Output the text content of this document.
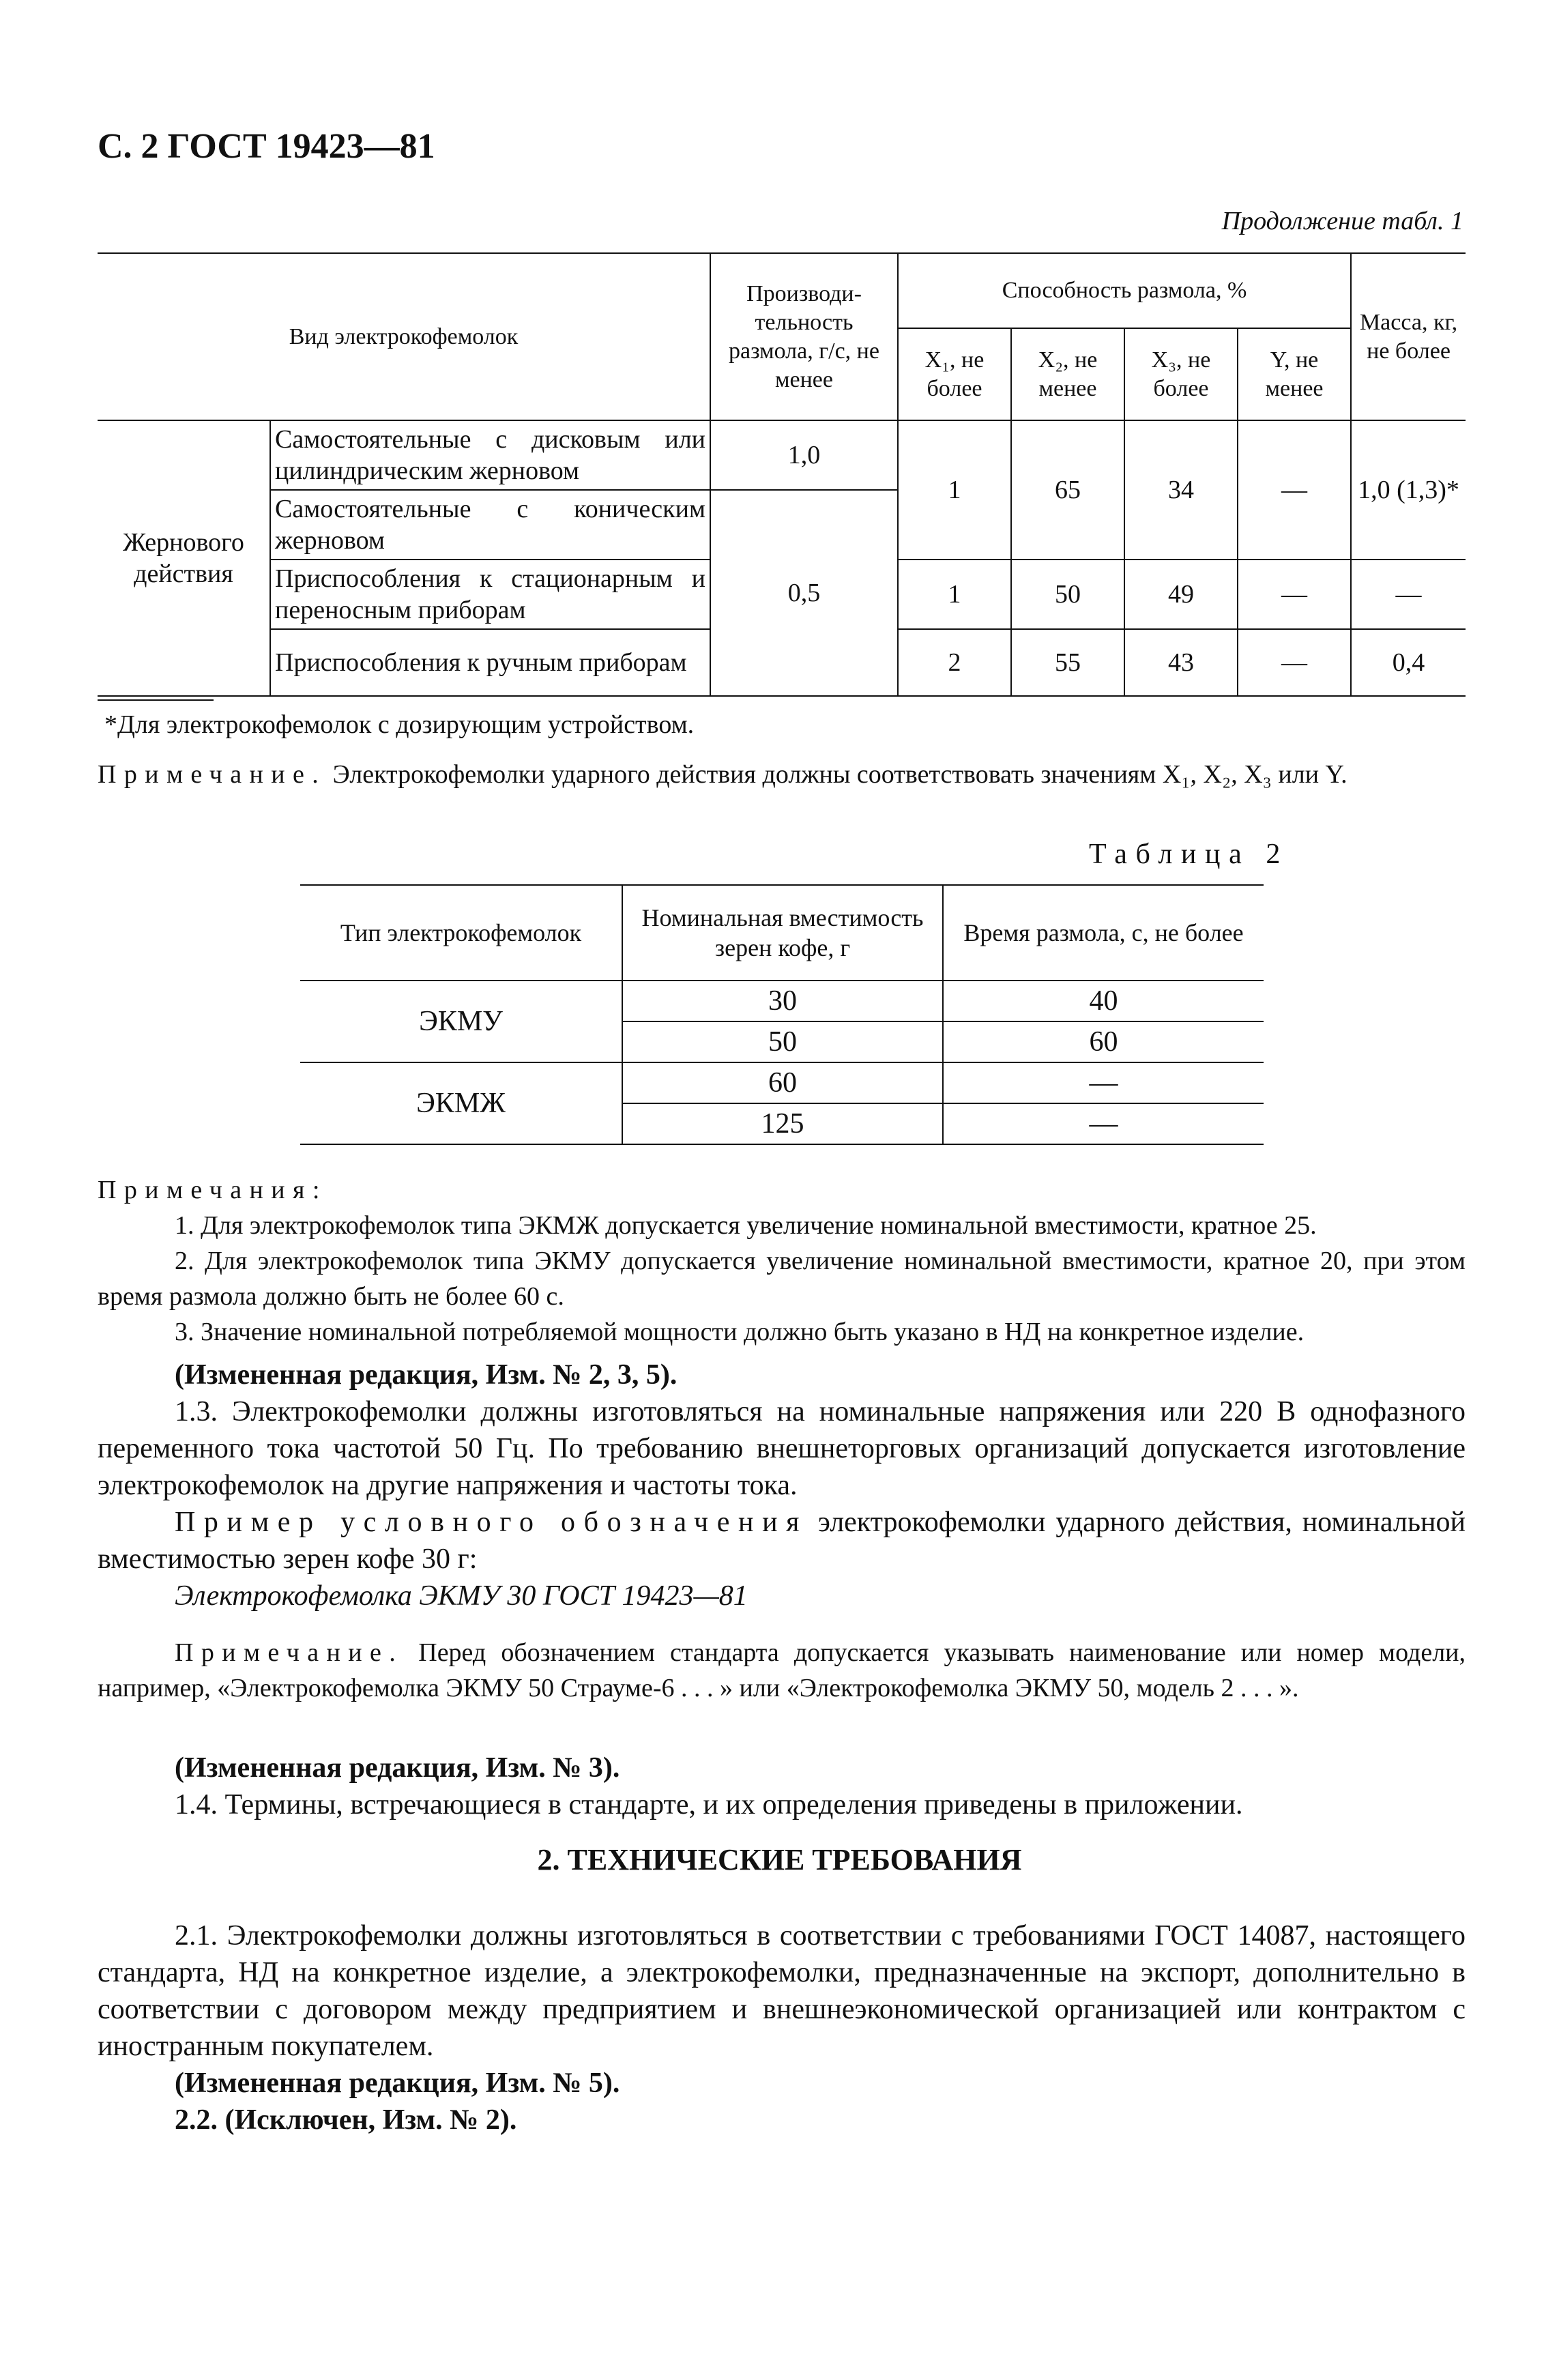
С. 2 ГОСТ 19423—81
Продолжение табл. 1
Вид электрокофемолок		Производи-тельность размола, г/с, не менее	Способность размола, %				Масса, кг, не более
			X₁, не более	X₂, не менее	X₃, не более	Y, не менее	
Жернового действия	Самостоятельные с дисковым или цилиндрическим жерновом	1,0	1	65	34	—	1,0 (1,3)*
	Самостоятельные с коническим жерновом	0,5					
	Приспособления к стационарным и переносным приборам		1	50	49	—	—
	Приспособления к ручным приборам		2	55	43	—	0,4
*Для электрокофемолок с дозирующим устройством.
Примечание. Электрокофемолки ударного действия должны соответствовать значениям X₁, X₂, X₃ или Y.
Таблица 2
Тип электрокофемолок	Номинальная вместимость зерен кофе, г	Время размола, с, не более
ЭКМУ	30	40
	50	60
ЭКМЖ	60	—
	125	—
Примечания:
1. Для электрокофемолок типа ЭКМЖ допускается увеличение номинальной вместимости, кратное 25.
2. Для электрокофемолок типа ЭКМУ допускается увеличение номинальной вместимости, кратное 20, при этом время размола должно быть не более 60 с.
3. Значение номинальной потребляемой мощности должно быть указано в НД на конкретное изделие.
(Измененная редакция, Изм. № 2, 3, 5).
1.3. Электрокофемолки должны изготовляться на номинальные напряжения или 220 В однофазного переменного тока частотой 50 Гц. По требованию внешнеторговых организаций допускается изготовление электрокофемолок на другие напряжения и частоты тока.
Пример условного обозначения электрокофемолки ударного действия, номинальной вместимостью зерен кофе 30 г:
Электрокофемолка ЭКМУ 30 ГОСТ 19423—81
Примечание. Перед обозначением стандарта допускается указывать наименование или номер модели, например, «Электрокофемолка ЭКМУ 50 Страуме-6 . . . » или «Электрокофемолка ЭКМУ 50, модель 2 . . . ».
(Измененная редакция, Изм. № 3).
1.4. Термины, встречающиеся в стандарте, и их определения приведены в приложении.
2. ТЕХНИЧЕСКИЕ ТРЕБОВАНИЯ
2.1. Электрокофемолки должны изготовляться в соответствии с требованиями ГОСТ 14087, настоящего стандарта, НД на конкретное изделие, а электрокофемолки, предназначенные на экспорт, дополнительно в соответствии с договором между предприятием и внешнеэкономической организацией или контрактом с иностранным покупателем.
(Измененная редакция, Изм. № 5).
2.2. (Исключен, Изм. № 2).
